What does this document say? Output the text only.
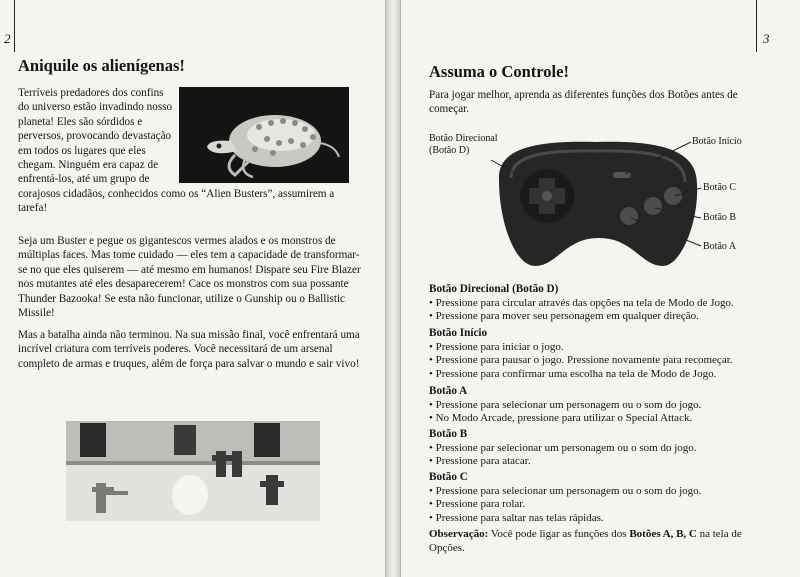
2
Aniquile os alienígenas!

Terríveis predadores dos confins do universo estão invadindo nosso planeta! Eles são sórdidos e perversos, provocando devastação em todos os lugares que eles chegam. Ninguém era capaz de enfrentá-los, até um grupo de

corajosos cidadãos, conhecidos como os “Alien Busters”, assumirem a tarefa!

Seja um Buster e pegue os gigantescos vermes alados e os monstros de múltiplas faces. Mas tome cuidado — eles tem a capacidade de transformar-se no que eles quiserem — até mesmo em humanos! Dispare seu Fire Blazer nos mutantes até eles desaparecerem! Cace os monstros com sua possante Thunder Bazooka! Se esta não funcionar, utilize o Gunship ou o Ballistic Missile!

Mas a batalha ainda não terminou. Na sua missão final, você enfrentará uma incrível criatura com terríveis poderes. Você necessitará de um arsenal completo de armas e truques, além de força para salvar o mundo e sair vivo!

3
Assuma o Controle!

Para jogar melhor, aprenda as diferentes funções dos Botões antes de começar.

Botão Direcional
(Botão D)
Botão Início
Botão C
Botão B
Botão A
Botão Direcional (Botão D)
• Pressione para circular através das opções na tela de Modo de Jogo.
• Pressione para mover seu personagem em qualquer direção.
Botão Início
• Pressione para iniciar o jogo.
• Pressione para pausar o jogo. Pressione novamente para recomeçar.
• Pressione para confirmar uma escolha na tela de Modo de Jogo.
Botão A
• Pressione para selecionar um personagem ou o som do jogo.
• No Modo Arcade, pressione para utilizar o Special Attack.
Botão B
• Pressione par selecionar um personagem ou o som do jogo.
• Pressione para atacar.
Botão C
• Pressione para selecionar um personagem ou o som do jogo.
• Pressione para rolar.
• Pressione para saltar nas telas rápidas.

Observação: Você pode ligar as funções dos Botões A, B, C na tela de Opções.
